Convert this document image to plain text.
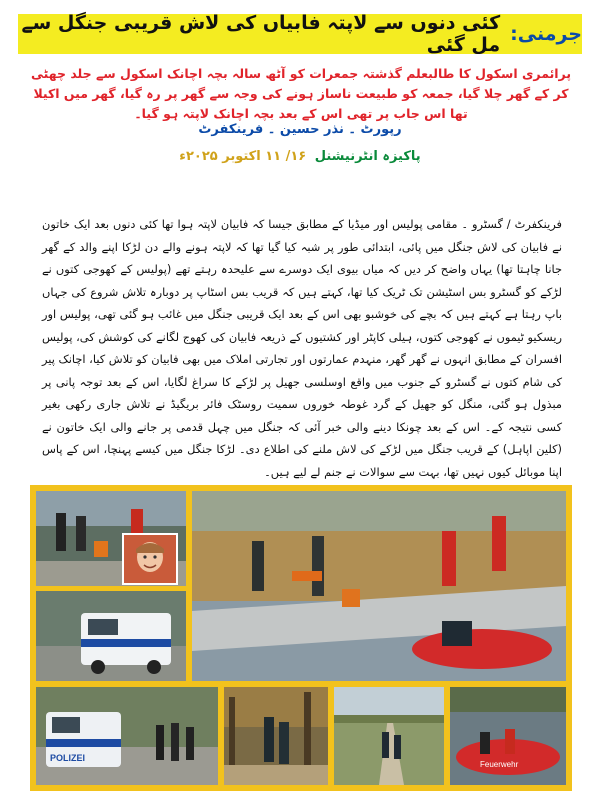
جرمنی:
کئی دنوں سے لاپتہ فابیاں کی لاش قریبی جنگل سے مل گئی
پرائمری اسکول کا طالبعلم گذشتہ جمعرات کو آٹھ سالہ بچہ اچانک اسکول سے جلد چھٹی کر کے گھر چلا گیا، جمعہ کو طبیعت ناساز ہونے کی وجہ سے گھر پر رہ گیا، گھر میں اکیلا تھا اس جاب پر تھی اس کے بعد بچہ اچانک لاپتہ ہو گیا۔
رپورٹ ۔ نذر حسین ۔ فرینکفرٹ
پاکیزہ انٹرنیشنل ۱۶/ ۱۱ اکتوبر ۲۰۲۵ء
فرینکفرٹ / گسٹرو ۔ مقامی پولیس اور میڈیا کے مطابق جیسا کہ فابیان لاپتہ ہوا تھا کئی دنوں بعد ایک خاتون نے فابیان کی لاش جنگل میں پائی، ابتدائی طور پر شبہ کیا گیا تھا کہ لاپتہ ہونے والے دن لڑکا اپنے والد کے گھر جانا چاہتا تھا) یہاں واضح کر دیں کہ میاں بیوی ایک دوسرے سے علیحدہ رہتے تھے (پولیس کے کھوجی کتوں نے لڑکے کو گسٹرو بس اسٹیشن تک ٹریک کیا تھا، کہتے ہیں کہ قریب بس اسٹاپ پر دوبارہ تلاش شروع کی جہاں باپ رہتا ہے کہتے ہیں کہ بچے کی خوشبو بھی اس کے بعد ایک قریبی جنگل میں غائب ہو گئی تھی، پولیس اور ریسکیو ٹیموں نے کھوجی کتوں، ہیلی کاپٹر اور کشتیوں کے ذریعہ فابیان کی کھوج لگانے کی کوشش کی، پولیس افسران کے مطابق انہوں نے گھر گھر، منہدم عمارتوں اور تجارتی املاک میں بھی فابیان کو تلاش کیا، اچانک پیر کی شام کتوں نے گسٹرو کے جنوب میں واقع اوسلسی جھیل پر لڑکے کا سراغ لگایا، اس کے بعد توجہ پانی پر مبذول ہو گئی، منگل کو جھیل کے گرد غوطہ خوروں سمیت روسٹک فائر بریگیڈ نے تلاش جاری رکھی بغیر کسی نتیجہ کے۔ اس کے بعد چونکا دینے والی خبر آئی کہ جنگل میں چہل قدمی پر جانے والی ایک خاتون نے (کلین اپاہل) کے قریب جنگل میں لڑکے کی لاش ملنے کی اطلاع دی۔ لڑکا جنگل میں کیسے پہنچا، اس کے پاس اپنا موبائل کیوں نہیں تھا، بہت سے سوالات نے جنم لے لیے ہیں۔
POLIZEI
Feuerwehr
